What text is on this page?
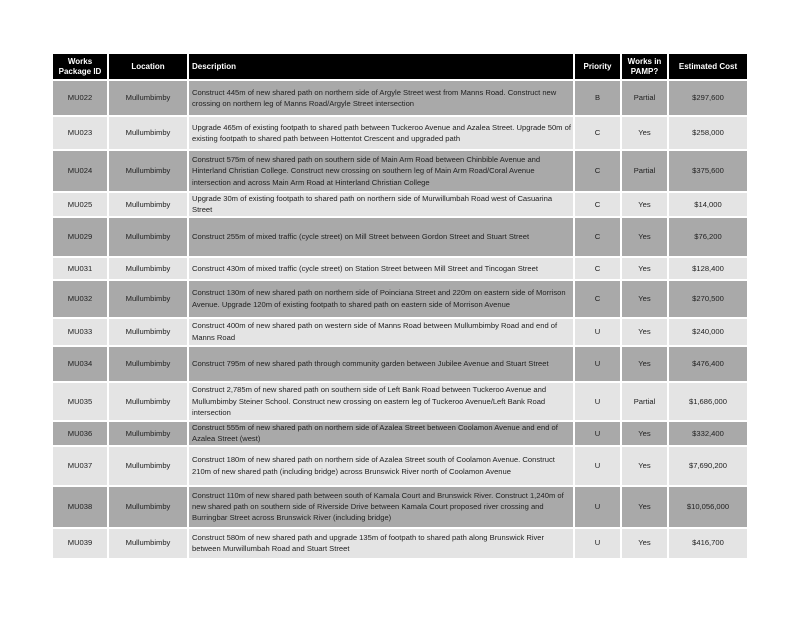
Works Package ID	Location	Description	Priority	Works in PAMP?	Estimated Cost
MU022	Mullumbimby	Construct 445m of new shared path on northern side of Argyle Street west from Manns Road. Construct new crossing on northern leg of Manns Road/Argyle Street intersection	B	Partial	$297,600
MU023	Mullumbimby	Upgrade 465m of existing footpath to shared path between Tuckeroo Avenue and Azalea Street. Upgrade 50m of existing footpath to shared path between Hottentot Crescent and upgraded path	C	Yes	$258,000
MU024	Mullumbimby	Construct 575m of new shared path on southern side of Main Arm Road between Chinbible Avenue and Hinterland Christian College. Construct new crossing on southern leg of Main Arm Road/Coral Avenue intersection and across Main Arm Road at Hinterland Christian College	C	Partial	$375,600
MU025	Mullumbimby	Upgrade 30m of existing footpath to shared path on northern side of Murwillumbah Road west of Casuarina Street	C	Yes	$14,000
MU029	Mullumbimby	Construct 255m of mixed traffic (cycle street) on Mill Street between Gordon Street and Stuart Street	C	Yes	$76,200
MU031	Mullumbimby	Construct 430m of mixed traffic (cycle street) on Station Street between Mill Street and Tincogan Street	C	Yes	$128,400
MU032	Mullumbimby	Construct 130m of new shared path on northern side of Poinciana Street and 220m on eastern side of Morrison Avenue. Upgrade 120m of existing footpath to shared path on eastern side of Morrison Avenue	C	Yes	$270,500
MU033	Mullumbimby	Construct 400m of new shared path on western side of Manns Road between Mullumbimby Road and end of Manns Road	U	Yes	$240,000
MU034	Mullumbimby	Construct 795m of new shared path through community garden between Jubilee Avenue and Stuart Street	U	Yes	$476,400
MU035	Mullumbimby	Construct 2,785m of new shared path on southern side of Left Bank Road between Tuckeroo Avenue and Mullumbimby Steiner School. Construct new crossing on eastern leg of Tuckeroo Avenue/Left Bank Road intersection	U	Partial	$1,686,000
MU036	Mullumbimby	Construct 555m of new shared path on northern side of Azalea Street between Coolamon Avenue and end of Azalea Street (west)	U	Yes	$332,400
MU037	Mullumbimby	Construct 180m of new shared path on northern side of Azalea Street south of Coolamon Avenue. Construct 210m of new shared path (including bridge) across Brunswick River north of Coolamon Avenue	U	Yes	$7,690,200
MU038	Mullumbimby	Construct 110m of new shared path between south of Kamala Court and Brunswick River. Construct 1,240m of new shared path on southern side of Riverside Drive between Kamala Court proposed river crossing and Burringbar Street across Brunswick River (including bridge)	U	Yes	$10,056,000
MU039	Mullumbimby	Construct 580m of new shared path and upgrade 135m of footpath to shared path along Brunswick River between Murwillumbah Road and Stuart Street	U	Yes	$416,700
